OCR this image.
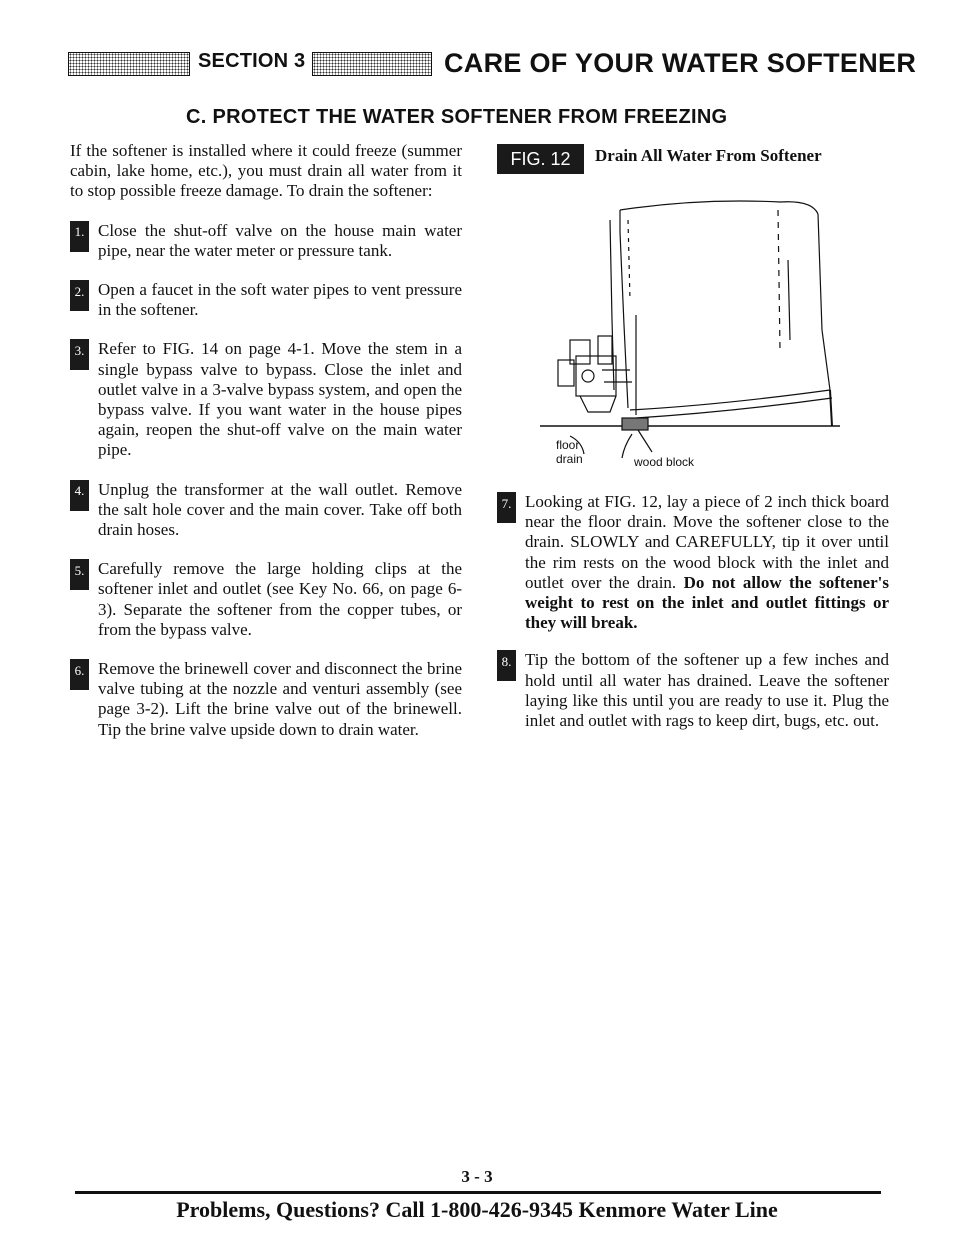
SECTION 3	CARE OF YOUR WATER SOFTENER
C. PROTECT THE WATER SOFTENER FROM FREEZING

If the softener is installed where it could freeze (summer cabin, lake home, etc.), you must drain all water from it to stop possible freeze damage. To drain the softener:

1. Close the shut-off valve on the house main water pipe, near the water meter or pressure tank.
2. Open a faucet in the soft water pipes to vent pressure in the softener.
3. Refer to FIG. 14 on page 4-1. Move the stem in a single bypass valve to bypass. Close the inlet and outlet valve in a 3-valve bypass system, and open the bypass valve. If you want water in the house pipes again, reopen the shut-off valve on the main water pipe.
4. Unplug the transformer at the wall outlet. Remove the salt hole cover and the main cover. Take off both drain hoses.
5. Carefully remove the large holding clips at the softener inlet and outlet (see Key No. 66, on page 6-3). Separate the softener from the copper tubes, or from the bypass valve.
6. Remove the brinewell cover and disconnect the brine valve tubing at the nozzle and venturi assembly (see page 3-2). Lift the brine valve out of the brinewell. Tip the brine valve upside down to drain water.
FIG. 12	Drain All Water From Softener
floor
drain	wood block
7. Looking at FIG. 12, lay a piece of 2 inch thick board near the floor drain. Move the softener close to the drain. SLOWLY and CAREFULLY, tip it over until the rim rests on the wood block with the inlet and outlet over the drain. Do not allow the softener's weight to rest on the inlet and outlet fittings or they will break.
8. Tip the bottom of the softener up a few inches and hold until all water has drained. Leave the softener laying like this until you are ready to use it. Plug the inlet and outlet with rags to keep dirt, bugs, etc. out.
3 - 3
Problems, Questions? Call 1-800-426-9345 Kenmore Water Line
